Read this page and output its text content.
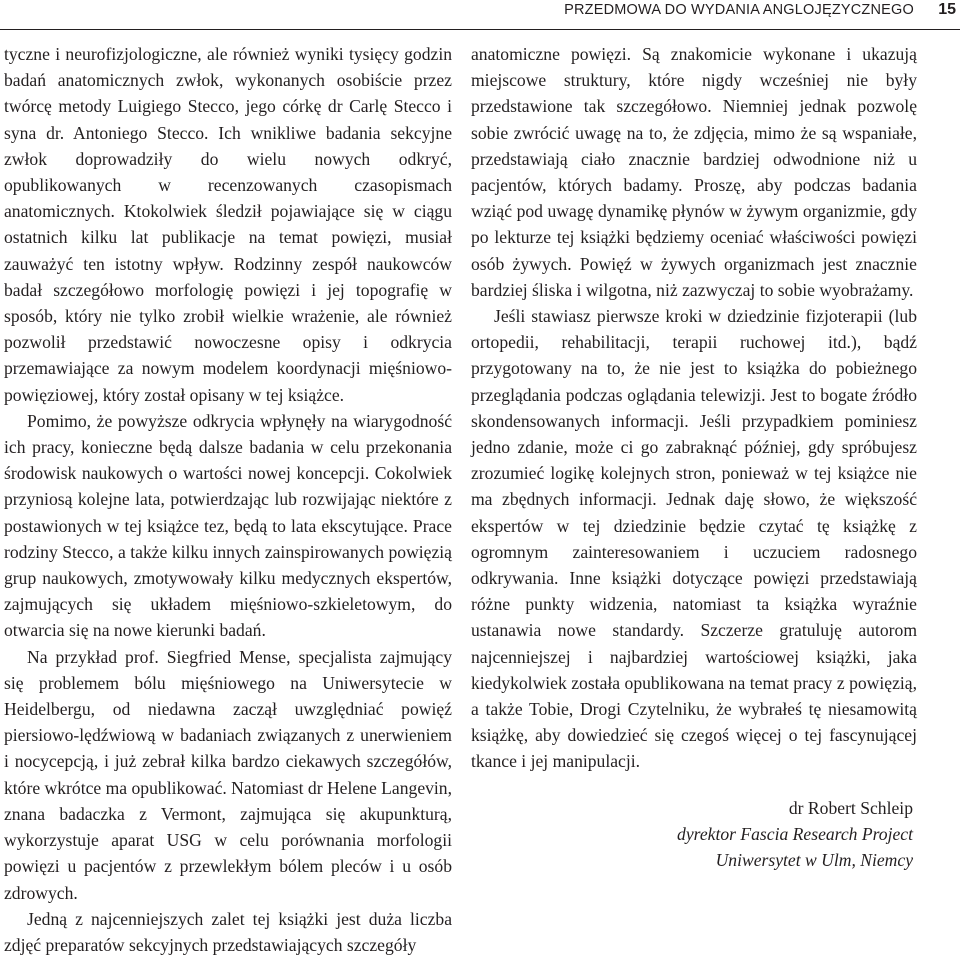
PRZEDMOWA DO WYDANIA ANGLOJĘZYCZNEGO 15

tyczne i neurofizjologiczne, ale również wyniki tysięcy godzin badań anatomicznych zwłok, wykonanych osobiście przez twórcę metody Luigiego Stecco, jego córkę dr Carlę Stecco i syna dr. Antoniego Stecco. Ich wnikliwe badania sekcyjne zwłok doprowadziły do wielu nowych odkryć, opublikowanych w recenzowanych czasopismach anatomicznych. Ktokolwiek śledził pojawiające się w ciągu ostatnich kilku lat publikacje na temat powięzi, musiał zauważyć ten istotny wpływ. Rodzinny zespół naukowców badał szczegółowo morfologię powięzi i jej topografię w sposób, który nie tylko zrobił wielkie wrażenie, ale również pozwolił przedstawić nowoczesne opisy i odkrycia przemawiające za nowym modelem koordynacji mięśniowo-powięziowej, który został opisany w tej książce.

Pomimo, że powyższe odkrycia wpłynęły na wiarygodność ich pracy, konieczne będą dalsze badania w celu przekonania środowisk naukowych o wartości nowej koncepcji. Cokolwiek przyniosą kolejne lata, potwierdzając lub rozwijając niektóre z postawionych w tej książce tez, będą to lata ekscytujące. Prace rodziny Stecco, a także kilku innych zainspirowanych powięzią grup naukowych, zmotywowały kilku medycznych ekspertów, zajmujących się układem mięśniowo-szkieletowym, do otwarcia się na nowe kierunki badań.

Na przykład prof. Siegfried Mense, specjalista zajmujący się problemem bólu mięśniowego na Uniwersytecie w Heidelbergu, od niedawna zaczął uwzględniać powięź piersiowo-lędźwiową w badaniach związanych z unerwieniem i nocycepcją, i już zebrał kilka bardzo ciekawych szczegółów, które wkrótce ma opublikować. Natomiast dr Helene Langevin, znana badaczka z Vermont, zajmująca się akupunkturą, wykorzystuje aparat USG w celu porównania morfologii powięzi u pacjentów z przewlekłym bólem pleców i u osób zdrowych.

Jedną z najcenniejszych zalet tej książki jest duża liczba zdjęć preparatów sekcyjnych przedstawiających szczegóły

anatomiczne powięzi. Są znakomicie wykonane i ukazują miejscowe struktury, które nigdy wcześniej nie były przedstawione tak szczegółowo. Niemniej jednak pozwolę sobie zwrócić uwagę na to, że zdjęcia, mimo że są wspaniałe, przedstawiają ciało znacznie bardziej odwodnione niż u pacjentów, których badamy. Proszę, aby podczas badania wziąć pod uwagę dynamikę płynów w żywym organizmie, gdy po lekturze tej książki będziemy oceniać właściwości powięzi osób żywych. Powięź w żywych organizmach jest znacznie bardziej śliska i wilgotna, niż zazwyczaj to sobie wyobrażamy.

Jeśli stawiasz pierwsze kroki w dziedzinie fizjoterapii (lub ortopedii, rehabilitacji, terapii ruchowej itd.), bądź przygotowany na to, że nie jest to książka do pobieżnego przeglądania podczas oglądania telewizji. Jest to bogate źródło skondensowanych informacji. Jeśli przypadkiem pominiesz jedno zdanie, może ci go zabraknąć później, gdy spróbujesz zrozumieć logikę kolejnych stron, ponieważ w tej książce nie ma zbędnych informacji. Jednak daję słowo, że większość ekspertów w tej dziedzinie będzie czytać tę książkę z ogromnym zainteresowaniem i uczuciem radosnego odkrywania. Inne książki dotyczące powięzi przedstawiają różne punkty widzenia, natomiast ta książka wyraźnie ustanawia nowe standardy. Szczerze gratuluję autorom najcenniejszej i najbardziej wartościowej książki, jaka kiedykolwiek została opublikowana na temat pracy z powięzią, a także Tobie, Drogi Czytelniku, że wybrałeś tę niesamowitą książkę, aby dowiedzieć się czegoś więcej o tej fascynującej tkance i jej manipulacji.

dr Robert Schleip
dyrektor Fascia Research Project
Uniwersytet w Ulm, Niemcy
